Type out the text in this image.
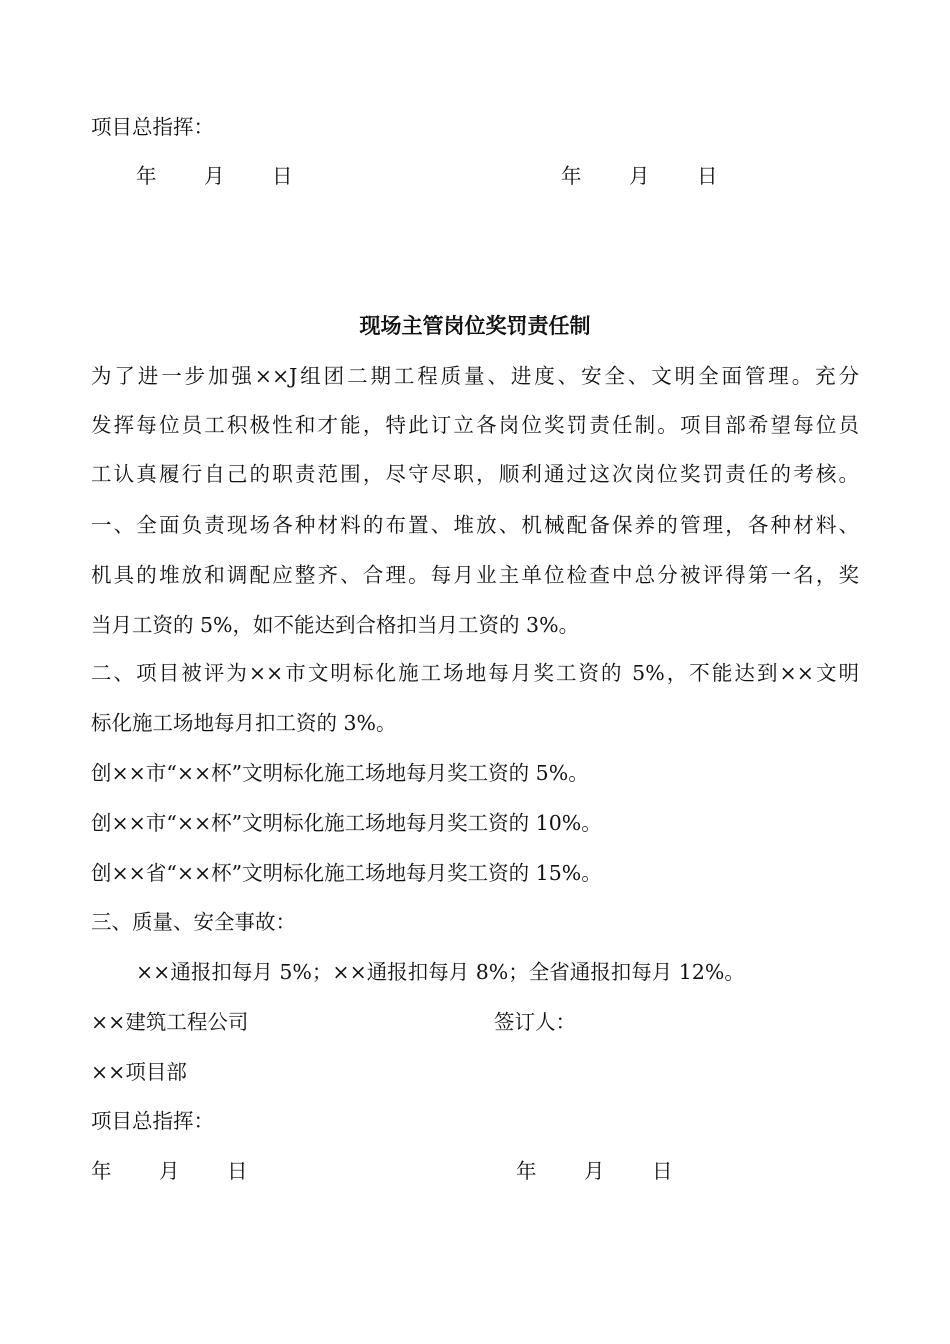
项目总指挥：
年 月 日	年 月 日
现场主管岗位奖罚责任制
为了进一步加强××J组团二期工程质量、进度、安全、文明全面管理。充分
发挥每位员工积极性和才能，特此订立各岗位奖罚责任制。项目部希望每位员
工认真履行自己的职责范围，尽守尽职，顺利通过这次岗位奖罚责任的考核。
一、全面负责现场各种材料的布置、堆放、机械配备保养的管理，各种材料、
机具的堆放和调配应整齐、合理。每月业主单位检查中总分被评得第一名，奖
当月工资的 5%，如不能达到合格扣当月工资的 3%。
二、项目被评为××市文明标化施工场地每月奖工资的 5%，不能达到××文明
标化施工场地每月扣工资的 3%。
创××市“××杯”文明标化施工场地每月奖工资的 5%。
创××市“××杯”文明标化施工场地每月奖工资的 10%。
创××省“××杯”文明标化施工场地每月奖工资的 15%。
三、质量、安全事故：
××通报扣每月 5%；××通报扣每月 8%；全省通报扣每月 12%。
××建筑工程公司	签订人：
××项目部
项目总指挥：
年 月 日	年 月 日
